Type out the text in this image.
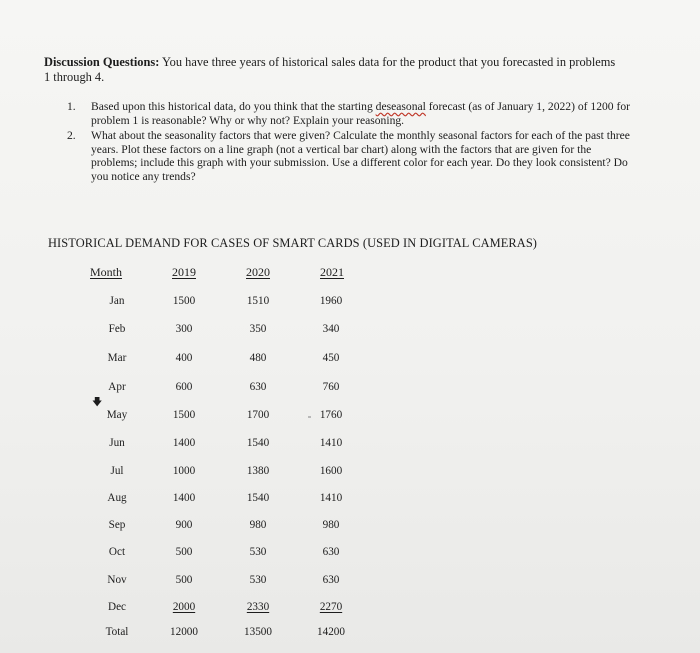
Discussion Questions: You have three years of historical sales data for the product that you forecasted in problems
1 through 4.
1.	Based upon this historical data, do you think that the starting deseasonal forecast (as of January 1, 2022) of 1200 for problem 1 is reasonable? Why or why not? Explain your reasoning.
2.	What about the seasonality factors that were given? Calculate the monthly seasonal factors for each of the past three years. Plot these factors on a line graph (not a vertical bar chart) along with the factors that are given for the problems; include this graph with your submission. Use a different color for each year. Do they look consistent? Do you notice any trends?
HISTORICAL DEMAND FOR CASES OF SMART CARDS (USED IN DIGITAL CAMERAS)
Month	2019	2020	2021
Jan	1500	1510	1960
Feb	300	350	340
Mar	400	480	450
Apr	600	630	760
May	1500	1700	1760
Jun	1400	1540	1410
Jul	1000	1380	1600
Aug	1400	1540	1410
Sep	900	980	980
Oct	500	530	630
Nov	500	530	630
Dec	2000	2330	2270
Total	12000	13500	14200
🡇
